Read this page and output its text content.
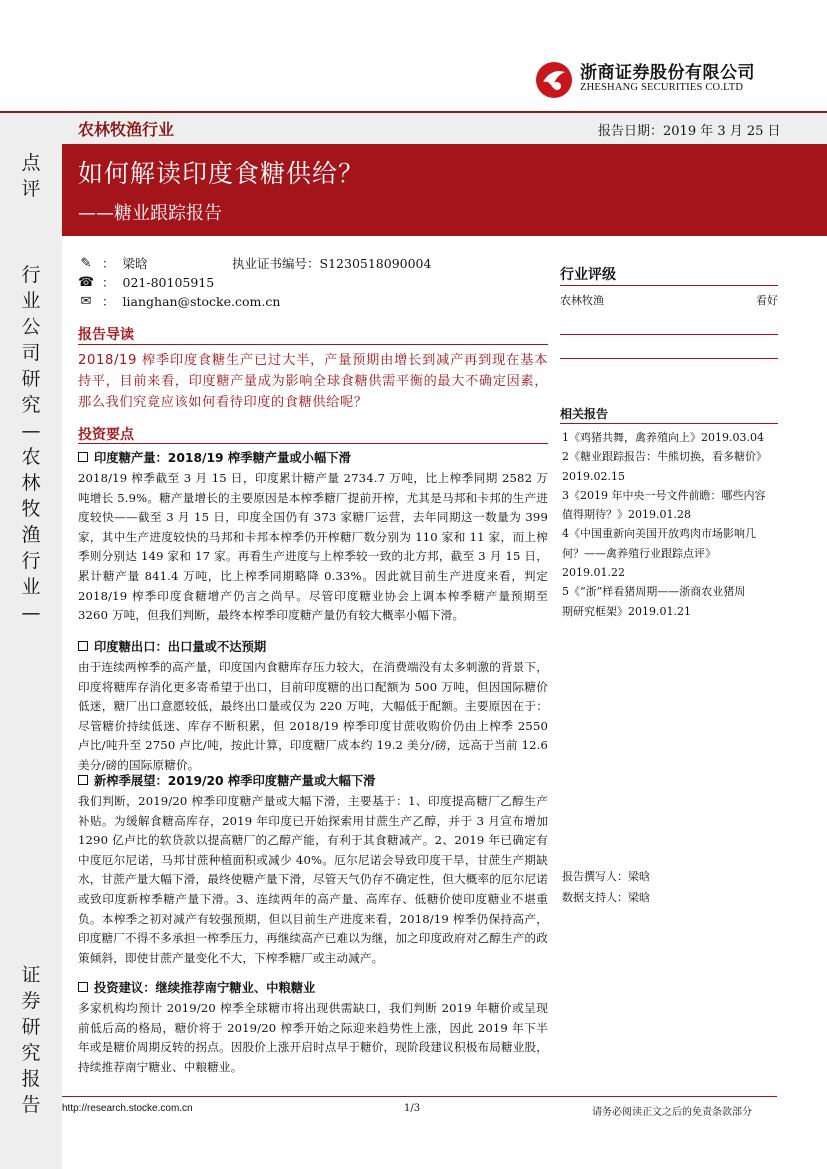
浙商证券股份有限公司
ZHESHANG SECURITIES CO.LTD
农林牧渔行业	报告日期：2019 年 3 月 25 日
点
评
行
业
公
司
研
究
—
农
林
牧
渔
行
业
—
证
券
研
究
报
告
如何解读印度食糖供给？
——糖业跟踪报告
✎ ： 梁晗	执业证书编号：S1230518090004
☎ ： 021-80105915
✉ ： lianghan@stocke.com.cn
报告导读
2018/19 榨季印度食糖生产已过大半，产量预期由增长到减产再到现在基本持平，目前来看，印度糖产量成为影响全球食糖供需平衡的最大不确定因素，那么我们究竟应该如何看待印度的食糖供给呢？
投资要点
印度糖产量：2018/19 榨季糖产量或小幅下滑
2018/19 榨季截至 3 月 15 日，印度累计糖产量 2734.7 万吨，比上榨季同期 2582 万吨增长 5.9%。糖产量增长的主要原因是本榨季糖厂提前开榨，尤其是马邦和卡邦的生产进度较快——截至 3 月 15 日，印度全国仍有 373 家糖厂运营，去年同期这一数量为 399 家，其中生产进度较快的马邦和卡邦本榨季仍开榨糖厂数分别为 110 家和 11 家，而上榨季则分别达 149 家和 17 家。再看生产进度与上榨季较一致的北方邦，截至 3 月 15 日，累计糖产量 841.4 万吨，比上榨季同期略降 0.33%。因此就目前生产进度来看，判定 2018/19 榨季印度食糖增产仍言之尚早。尽管印度糖业协会上调本榨季糖产量预期至 3260 万吨，但我们判断，最终本榨季印度糖产量仍有较大概率小幅下滑。
印度糖出口：出口量或不达预期
由于连续两榨季的高产量，印度国内食糖库存压力较大，在消费端没有太多刺激的背景下，印度将糖库存消化更多寄希望于出口，目前印度糖的出口配额为 500 万吨，但因国际糖价低迷，糖厂出口意愿较低，最终出口量或仅为 220 万吨，大幅低于配额。主要原因在于：尽管糖价持续低迷、库存不断积累，但 2018/19 榨季印度甘蔗收购价仍由上榨季 2550 卢比/吨升至 2750 卢比/吨，按此计算，印度糖厂成本约 19.2 美分/磅，远高于当前 12.6 美分/磅的国际原糖价。
新榨季展望：2019/20 榨季印度糖产量或大幅下滑
我们判断，2019/20 榨季印度糖产量或大幅下滑，主要基于：1、印度提高糖厂乙醇生产补贴。为缓解食糖高库存，2019 年印度已开始探索用甘蔗生产乙醇，并于 3 月宣布增加 1290 亿卢比的软贷款以提高糖厂的乙醇产能，有利于其食糖减产。2、2019 年已确定有中度厄尔尼诺，马邦甘蔗种植面积或减少 40%。厄尔尼诺会导致印度干旱，甘蔗生产期缺水，甘蔗产量大幅下滑，最终使糖产量下滑，尽管天气仍存不确定性，但大概率的厄尔尼诺或致印度新榨季糖产量下滑。3、连续两年的高产量、高库存、低糖价使印度糖业不堪重负。本榨季之初对减产有较强预期，但以目前生产进度来看，2018/19 榨季仍保持高产，印度糖厂不得不多承担一榨季压力，再继续高产已难以为继，加之印度政府对乙醇生产的政策倾斜，即使甘蔗产量变化不大，下榨季糖厂或主动减产。
投资建议：继续推荐南宁糖业、中粮糖业
多家机构均预计 2019/20 榨季全球糖市将出现供需缺口，我们判断 2019 年糖价或呈现前低后高的格局，糖价将于 2019/20 榨季开始之际迎来趋势性上涨，因此 2019 年下半年或是糖价周期反转的拐点。因股价上涨开启时点早于糖价，现阶段建议积极布局糖业股，持续推荐南宁糖业、中粮糖业。
行业评级
农林牧渔	看好
相关报告
1《鸡猪共舞，禽养殖向上》2019.03.04
2《糖业跟踪报告：牛熊切换，看多糖价》
2019.02.15
3《2019 年中央一号文件前瞻：哪些内容
值得期待？》2019.01.28
4《中国重新向美国开放鸡肉市场影响几
何？——禽养殖行业跟踪点评》
2019.01.22
5《“浙”样看猪周期——浙商农业猪周
期研究框架》2019.01.21
报告撰写人：梁晗
数据支持人：梁晗
http://research.stocke.com.cn	1/3	请务必阅读正文之后的免责条款部分
